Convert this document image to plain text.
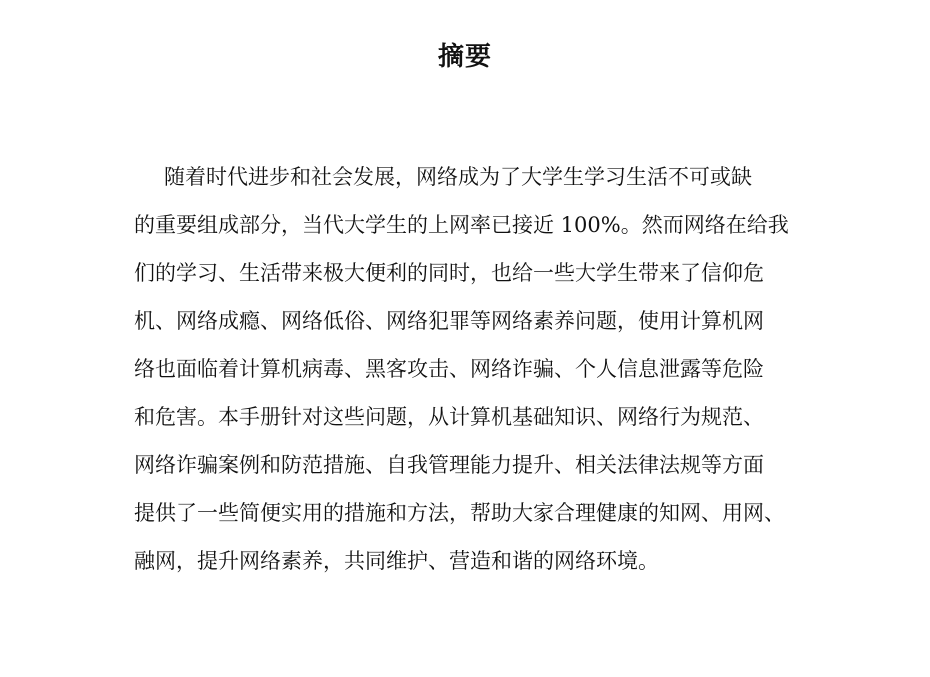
摘要
随着时代进步和社会发展，网络成为了大学生学习生活不可或缺
的重要组成部分，当代大学生的上网率已接近 100%。然而网络在给我
们的学习、生活带来极大便利的同时，也给一些大学生带来了信仰危
机、网络成瘾、网络低俗、网络犯罪等网络素养问题，使用计算机网
络也面临着计算机病毒、黑客攻击、网络诈骗、个人信息泄露等危险
和危害。本手册针对这些问题，从计算机基础知识、网络行为规范、
网络诈骗案例和防范措施、自我管理能力提升、相关法律法规等方面
提供了一些简便实用的措施和方法，帮助大家合理健康的知网、用网、
融网，提升网络素养，共同维护、营造和谐的网络环境。
